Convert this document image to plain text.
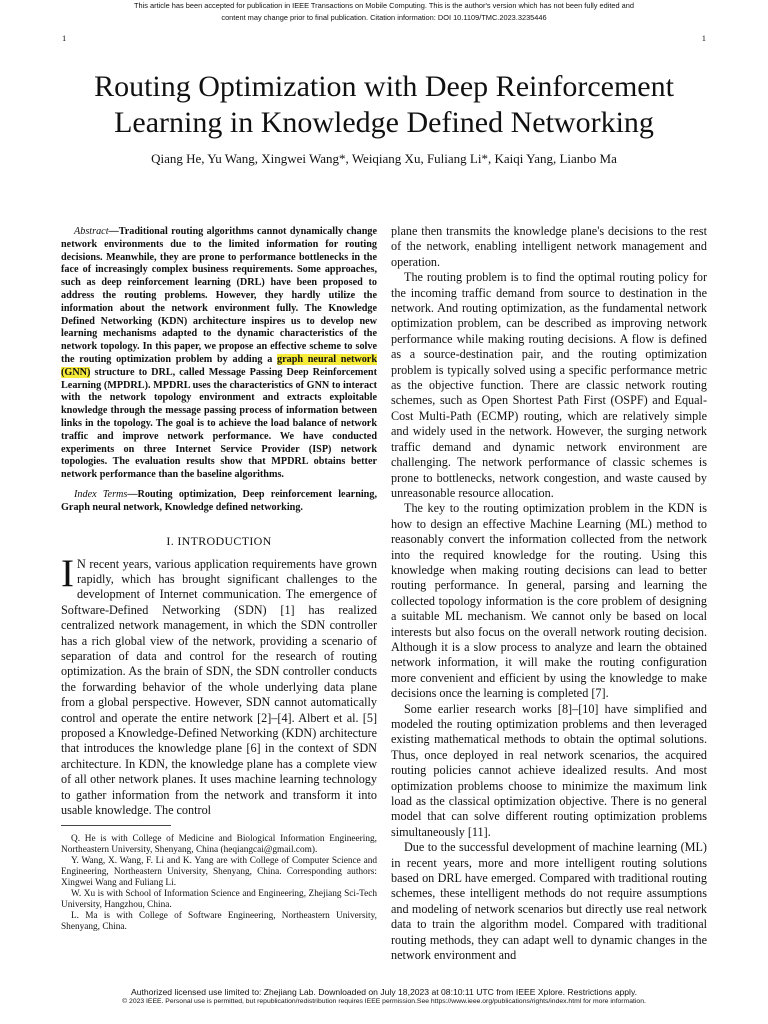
This article has been accepted for publication in IEEE Transactions on Mobile Computing. This is the author's version which has not been fully edited and
content may change prior to final publication. Citation information: DOI 10.1109/TMC.2023.3235446
1	1
Routing Optimization with Deep Reinforcement
Learning in Knowledge Defined Networking
Qiang He, Yu Wang, Xingwei Wang*, Weiqiang Xu, Fuliang Li*, Kaiqi Yang, Lianbo Ma

Abstract—Traditional routing algorithms cannot dynamically change network environments due to the limited information for routing decisions. Meanwhile, they are prone to performance bottlenecks in the face of increasingly complex business requirements. Some approaches, such as deep reinforcement learning (DRL) have been proposed to address the routing problems. However, they hardly utilize the information about the network environment fully. The Knowledge Defined Networking (KDN) architecture inspires us to develop new learning mechanisms adapted to the dynamic characteristics of the network topology. In this paper, we propose an effective scheme to solve the routing optimization problem by adding a graph neural network (GNN) structure to DRL, called Message Passing Deep Reinforcement Learning (MPDRL). MPDRL uses the characteristics of GNN to interact with the network topology environment and extracts exploitable knowledge through the message passing process of information between links in the topology. The goal is to achieve the load balance of network traffic and improve network performance. We have conducted experiments on three Internet Service Provider (ISP) network topologies. The evaluation results show that MPDRL obtains better network performance than the baseline algorithms.

Index Terms—Routing optimization, Deep reinforcement learning, Graph neural network, Knowledge defined networking.

I. INTRODUCTION

I N recent years, various application requirements have grown rapidly, which has brought significant challenges to the development of Internet communication. The emergence of Software-Defined Networking (SDN) [1] has realized centralized network management, in which the SDN controller has a rich global view of the network, providing a scenario of separation of data and control for the research of routing optimization. As the brain of SDN, the SDN controller conducts the forwarding behavior of the whole underlying data plane from a global perspective. However, SDN cannot automatically control and operate the entire network [2]–[4]. Albert et al. [5] proposed a Knowledge-Defined Networking (KDN) architecture that introduces the knowledge plane [6] in the context of SDN architecture. In KDN, the knowledge plane has a complete view of all other network planes. It uses machine learning technology to gather information from the network and transform it into usable knowledge. The control

Q. He is with College of Medicine and Biological Information Engineering, Northeastern University, Shenyang, China (heqiangcai@gmail.com).

Y. Wang, X. Wang, F. Li and K. Yang are with College of Computer Science and Engineering, Northeastern University, Shenyang, China. Corresponding authors: Xingwei Wang and Fuliang Li.

W. Xu is with School of Information Science and Engineering, Zhejiang Sci-Tech University, Hangzhou, China.

L. Ma is with College of Software Engineering, Northeastern University, Shenyang, China.

plane then transmits the knowledge plane's decisions to the rest of the network, enabling intelligent network management and operation.

The routing problem is to find the optimal routing policy for the incoming traffic demand from source to destination in the network. And routing optimization, as the fundamental network optimization problem, can be described as improving network performance while making routing decisions. A flow is defined as a source-destination pair, and the routing optimization problem is typically solved using a specific performance metric as the objective function. There are classic network routing schemes, such as Open Shortest Path First (OSPF) and Equal-Cost Multi-Path (ECMP) routing, which are relatively simple and widely used in the network. However, the surging network traffic demand and dynamic network environment are challenging. The network performance of classic schemes is prone to bottlenecks, network congestion, and waste caused by unreasonable resource allocation.

The key to the routing optimization problem in the KDN is how to design an effective Machine Learning (ML) method to reasonably convert the information collected from the network into the required knowledge for the routing. Using this knowledge when making routing decisions can lead to better routing performance. In general, parsing and learning the collected topology information is the core problem of designing a suitable ML mechanism. We cannot only be based on local interests but also focus on the overall network routing decision. Although it is a slow process to analyze and learn the obtained network information, it will make the routing configuration more convenient and efficient by using the knowledge to make decisions once the learning is completed [7].

Some earlier research works [8]–[10] have simplified and modeled the routing optimization problems and then leveraged existing mathematical methods to obtain the optimal solutions. Thus, once deployed in real network scenarios, the acquired routing policies cannot achieve idealized results. And most optimization problems choose to minimize the maximum link load as the classical optimization objective. There is no general model that can solve different routing optimization problems simultaneously [11].

Due to the successful development of machine learning (ML) in recent years, more and more intelligent routing solutions based on DRL have emerged. Compared with traditional routing schemes, these intelligent methods do not require assumptions and modeling of network scenarios but directly use real network data to train the algorithm model. Compared with traditional routing methods, they can adapt well to dynamic changes in the network environment and

Authorized licensed use limited to: Zhejiang Lab. Downloaded on July 18,2023 at 08:10:11 UTC from IEEE Xplore. Restrictions apply.
© 2023 IEEE. Personal use is permitted, but republication/redistribution requires IEEE permission.See https://www.ieee.org/publications/rights/index.html for more information.
